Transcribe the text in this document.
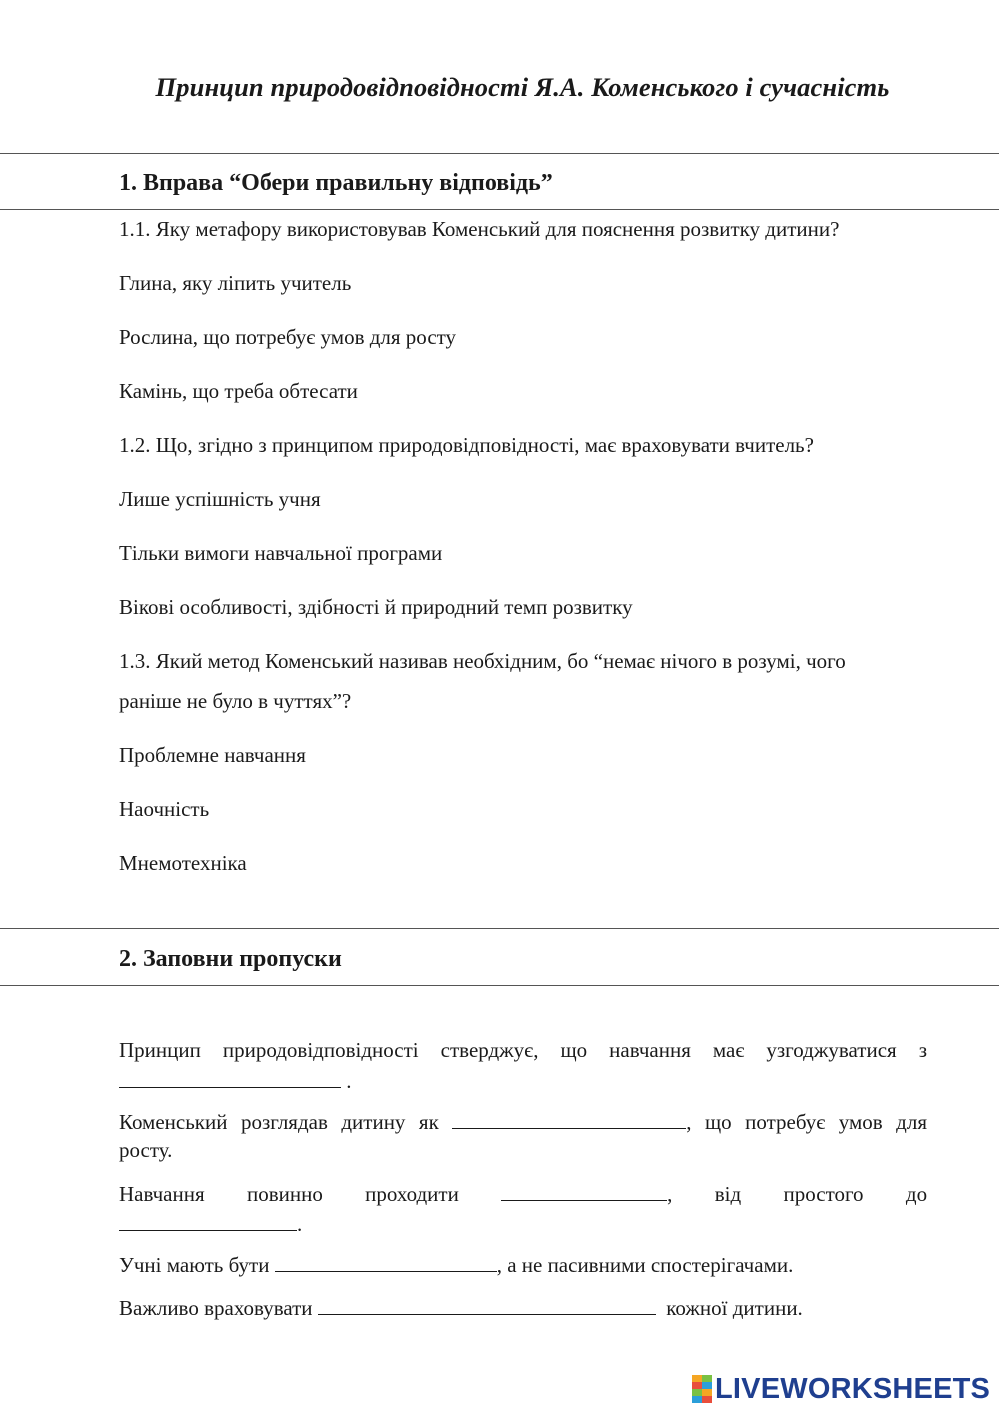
Принцип природовідповідності Я.А. Коменського і сучасність
1. Вправа “Обери правильну відповідь”
1.1. Яку метафору використовував Коменський для пояснення розвитку дитини?
Глина, яку ліпить учитель
Рослина, що потребує умов для росту
Камінь, що треба обтесати
1.2. Що, згідно з принципом природовідповідності, має враховувати вчитель?
Лише успішність учня
Тільки вимоги навчальної програми
Вікові особливості, здібності й природний темп розвитку
1.3. Який метод Коменський називав необхідним, бо “немає нічого в розумі, чого
раніше не було в чуттях”?
Проблемне навчання
Наочність
Мнемотехніка
2. Заповни пропуски
Принцип природовідповідності стверджує, що навчання має узгоджуватися з
.
Коменський розглядав дитину як	, що потребує умов для
росту.
Навчання повинно проходити	, від простого до
.
Учні мають бути	, а не пасивними спостерігачами.
Важливо враховувати	кожної дитини.
LIVEWORKSHEETS
